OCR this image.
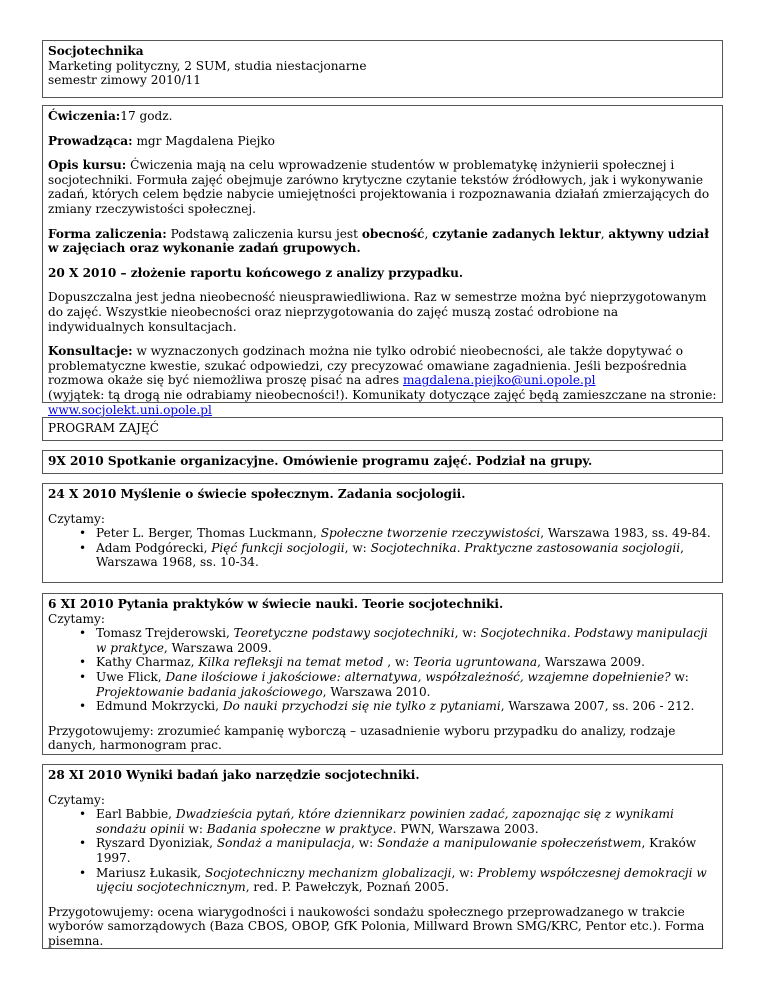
Socjotechnika

Marketing polityczny, 2 SUM, studia niestacjonarne

semestr zimowy 2010/11

Ćwiczenia:17 godz.

Prowadząca: mgr Magdalena Piejko

Opis kursu: Ćwiczenia mają na celu wprowadzenie studentów w problematykę inżynierii społecznej i socjotechniki. Formuła zajęć obejmuje zarówno krytyczne czytanie tekstów źródłowych, jak i wykonywanie zadań, których celem będzie nabycie umiejętności projektowania i rozpoznawania działań zmierzających do zmiany rzeczywistości społecznej.

Forma zaliczenia: Podstawą zaliczenia kursu jest obecność, czytanie zadanych lektur, aktywny udział w zajęciach oraz wykonanie zadań grupowych.

20 X 2010 – złożenie raportu końcowego z analizy przypadku.

Dopuszczalna jest jedna nieobecność nieusprawiedliwiona. Raz w semestrze można być nieprzygotowanym do zajęć. Wszystkie nieobecności oraz nieprzygotowania do zajęć muszą zostać odrobione na indywidualnych konsultacjach.

Konsultacje: w wyznaczonych godzinach można nie tylko odrobić nieobecności, ale także dopytywać o problematyczne kwestie, szukać odpowiedzi, czy precyzować omawiane zagadnienia. Jeśli bezpośrednia rozmowa okaże się być niemożliwa proszę pisać na adres magdalena.piejko@uni.opole.pl
(wyjątek: tą drogą nie odrabiamy nieobecności!). Komunikaty dotyczące zajęć będą zamieszczane na stronie:
www.socjolekt.uni.opole.pl

PROGRAM ZAJĘĆ

9X 2010 Spotkanie organizacyjne. Omówienie programu zajęć. Podział na grupy.

24 X 2010 Myślenie o świecie społecznym. Zadania socjologii.

Czytamy:

• Peter L. Berger, Thomas Luckmann, Społeczne tworzenie rzeczywistości, Warszawa 1983, ss. 49-84.
• Adam Podgórecki, Pięć funkcji socjologii, w: Socjotechnika. Praktyczne zastosowania socjologii, Warszawa 1968, ss. 10-34.

6 XI 2010 Pytania praktyków w świecie nauki. Teorie socjotechniki.

Czytamy:

• Tomasz Trejderowski, Teoretyczne podstawy socjotechniki, w: Socjotechnika. Podstawy manipulacji w praktyce, Warszawa 2009.
• Kathy Charmaz, Kilka refleksji na temat metod , w: Teoria ugruntowana, Warszawa 2009.
• Uwe Flick, Dane ilościowe i jakościowe: alternatywa, współzależność, wzajemne dopełnienie? w: Projektowanie badania jakościowego, Warszawa 2010.
• Edmund Mokrzycki, Do nauki przychodzi się nie tylko z pytaniami, Warszawa 2007, ss. 206 - 212.

Przygotowujemy: zrozumieć kampanię wyborczą – uzasadnienie wyboru przypadku do analizy, rodzaje danych, harmonogram prac.

28 XI 2010 Wyniki badań jako narzędzie socjotechniki.

Czytamy:

• Earl Babbie, Dwadzieścia pytań, które dziennikarz powinien zadać, zapoznając się z wynikami sondażu opinii w: Badania społeczne w praktyce. PWN, Warszawa 2003.
• Ryszard Dyoniziak, Sondaż a manipulacja, w: Sondaże a manipulowanie społeczeństwem, Kraków 1997.
• Mariusz Łukasik, Socjotechniczny mechanizm globalizacji, w: Problemy współczesnej demokracji w ujęciu socjotechnicznym, red. P. Pawełczyk, Poznań 2005.

Przygotowujemy: ocena wiarygodności i naukowości sondażu społecznego przeprowadzanego w trakcie wyborów samorządowych (Baza CBOS, OBOP, GfK Polonia, Millward Brown SMG/KRC, Pentor etc.). Forma pisemna.
